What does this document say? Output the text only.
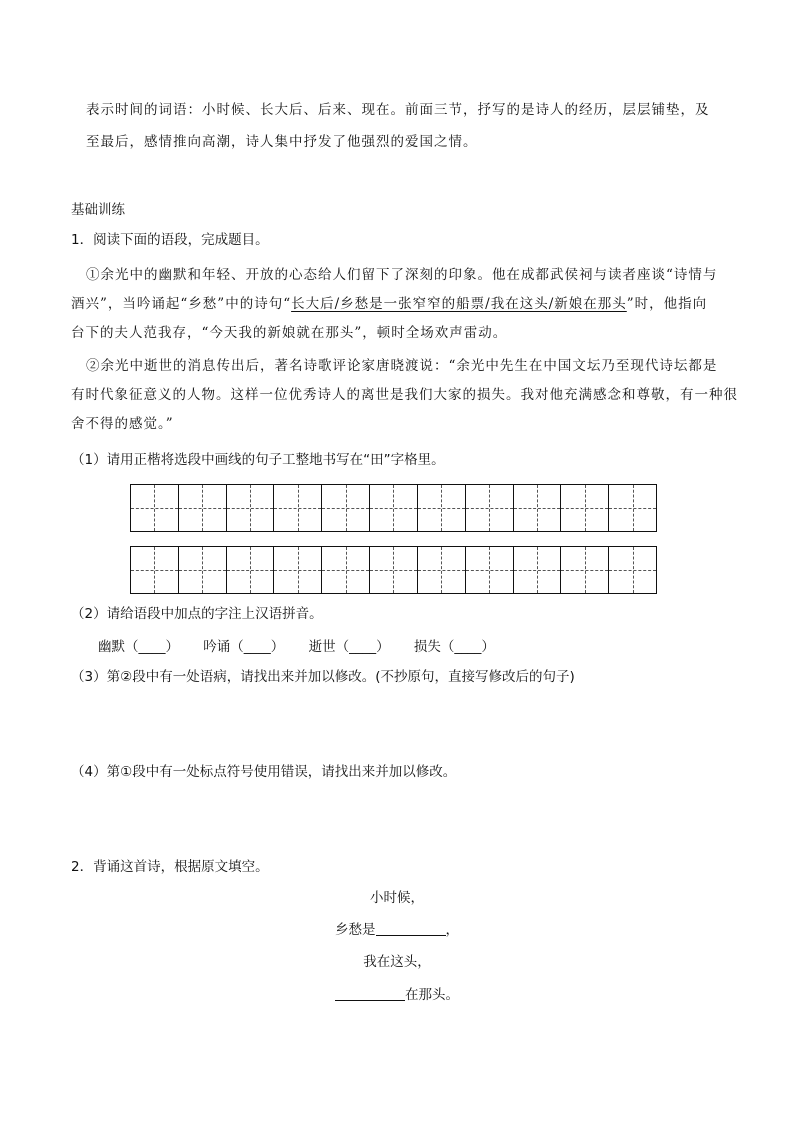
表示时间的词语：小时候、长大后、后来、现在。前面三节，抒写的是诗人的经历，层层铺垫，及
至最后，感情推向高潮，诗人集中抒发了他强烈的爱国之情。
基础训练
1．阅读下面的语段，完成题目。
①余光中的幽默和年轻、开放的心态给人们留下了深刻的印象。他在成都武侯祠与读者座谈“诗情与
酒兴”，当吟诵起“乡愁”中的诗句“长大后/乡愁是一张窄窄的船票/我在这头/新娘在那头”时，他指向
台下的夫人范我存，“今天我的新娘就在那头”，顿时全场欢声雷动。
②余光中逝世的消息传出后，著名诗歌评论家唐晓渡说：“余光中先生在中国文坛乃至现代诗坛都是
有时代象征意义的人物。这样一位优秀诗人的离世是我们大家的损失。我对他充满感念和尊敬，有一种很
舍不得的感觉。”
（1）请用正楷将选段中画线的句子工整地书写在“田”字格里。
（2）请给语段中加点的字注上汉语拼音。
幽默（____） 吟诵（____） 逝世（____） 损失（____）
（3）第②段中有一处语病，请找出来并加以修改。(不抄原句，直接写修改后的句子)
（4）第①段中有一处标点符号使用错误，请找出来并加以修改。
2．背诵这首诗，根据原文填空。
小时候，
乡愁是	，
我在这头，
在那头。
